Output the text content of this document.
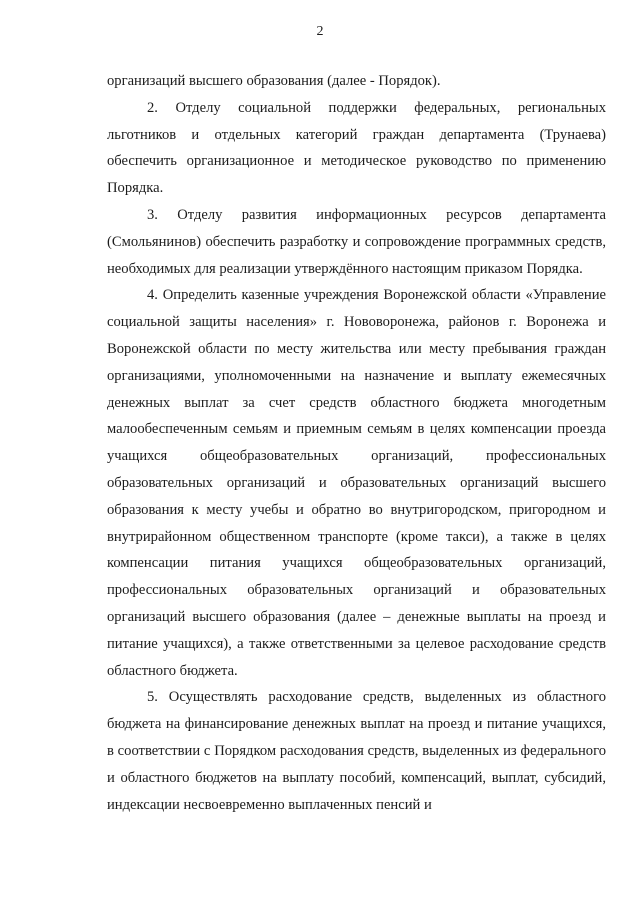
2

организаций высшего образования (далее - Порядок).

2. Отделу социальной поддержки федеральных, региональных льготников и отдельных категорий граждан департамента (Трунаева) обеспечить организационное и методическое руководство по применению Порядка.

3. Отделу развития информационных ресурсов департамента (Смольянинов) обеспечить разработку и сопровождение программных средств, необходимых для реализации утверждённого настоящим приказом Порядка.

4. Определить казенные учреждения Воронежской области «Управление социальной защиты населения» г. Нововоронежа, районов г. Воронежа и Воронежской области по месту жительства или месту пребывания граждан организациями, уполномоченными на назначение и выплату ежемесячных денежных выплат за счет средств областного бюджета многодетным малообеспеченным семьям и приемным семьям в целях компенсации проезда учащихся общеобразовательных организаций, профессиональных образовательных организаций и образовательных организаций высшего образования к месту учебы и обратно во внутригородском, пригородном и внутрирайонном общественном транспорте (кроме такси), а также в целях компенсации питания учащихся общеобразовательных организаций, профессиональных образовательных организаций и образовательных организаций высшего образования (далее – денежные выплаты на проезд и питание учащихся), а также ответственными за целевое расходование средств областного бюджета.

5. Осуществлять расходование средств, выделенных из областного бюджета на финансирование денежных выплат на проезд и питание учащихся, в соответствии с Порядком расходования средств, выделенных из федерального и областного бюджетов на выплату пособий, компенсаций, выплат, субсидий, индексации несвоевременно выплаченных пенсий и
